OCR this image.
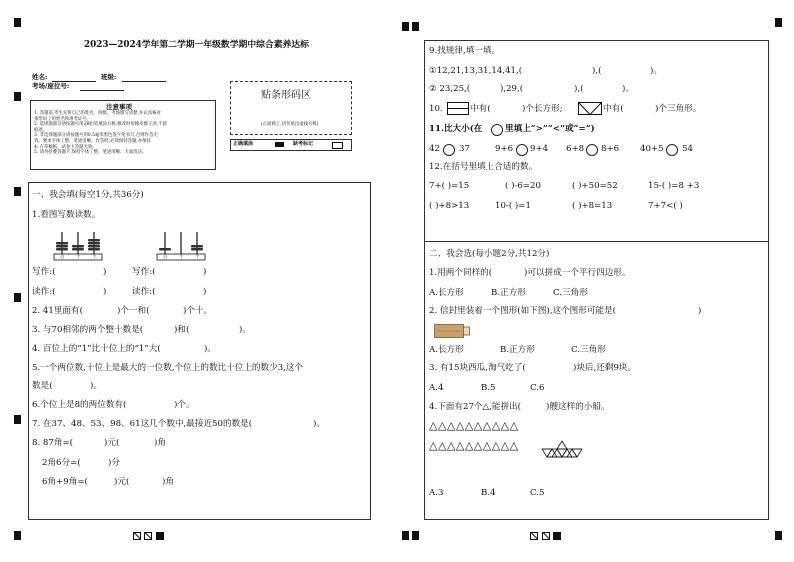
2023—2024学年第二学期一年级数学期中综合素养达标
姓名:	班级:
考场/座位号:
注意事项
1. 答题前,考生先将自己的姓名、班级、考场填写清楚,并认真核对
条形码上的姓名和准考证号。
2. 选择题部分请按题号用2B铅笔填涂方框,修改时用橡皮擦干净,不留
痕迹。
3. 非选择题部分请按题号用0.5毫米黑色签字笔书写,否则作答无
效。要求字体工整、笔迹清晰。作答时,必须保持答题,并保持
4. 在草稿纸、试卷上答题无效。
5. 请勿折叠答题卡,保持字体工整、笔迹清晰、卡面清洁。
贴条形码区
(正面朝上,切勿贴出虚线方框)
正确填涂	缺考标记
一、我会填(每空1分,共36分)
1.看图写数读数。
百	十	个	百	十	个
写作:(	)	写作:(	)
读作:(	)	读作:(	)
2. 41里面有(	)个一和(	)个十。
3. 与70相邻的两个整十数是(	)和(	)。
4. 百位上的“1”比十位上的“1”大(	)。
5.一个两位数,十位上是最大的一位数,个位上的数比十位上的数少3,这个
数是(	)。
6.个位上是8的两位数有(	)个。
7. 在37、48、53、98、61这几个数中,最接近50的数是(	)。
8. 87角=(	)元(	)角
2角6分=(	)分
6角+9角=(	)元(	)角
9.找规律,填一填。
①12,21,13,31,14,41,(	),(	)。
② 23,25,(	),29,(	),(	)。
10.	中有(	)个长方形;	中有(	)个三角形。
11.比大小(在	里填上“>”“<”或“=”)
42 37	9+6 9+4 6+8 8+6 40+5 54
12.在括号里填上合适的数。
7+( )=15	( )-6=20	( )+50=52	15-( )=8 +3
( )+8>13	10-( )=1	( )+8=13	7+7<( )
二、我会选(每小题2分,共12分)
1.用两个同样的(	)可以拼成一个平行四边形。
A.长方形	B.正方形	C.三角形
2. 信封里装着一个图形(如下图),这个图形可能是(	)
A.长方形	B.正方形	C.三角形
3. 有15块西瓜,淘气吃了(	)块后,还剩9块。
A.4	B.5	C.6
4.下面有27个△,能拼出(	)艘这样的小船。
△△△△△△△△△△
△△△△△△△△△△
A.3	B.4	C.5
